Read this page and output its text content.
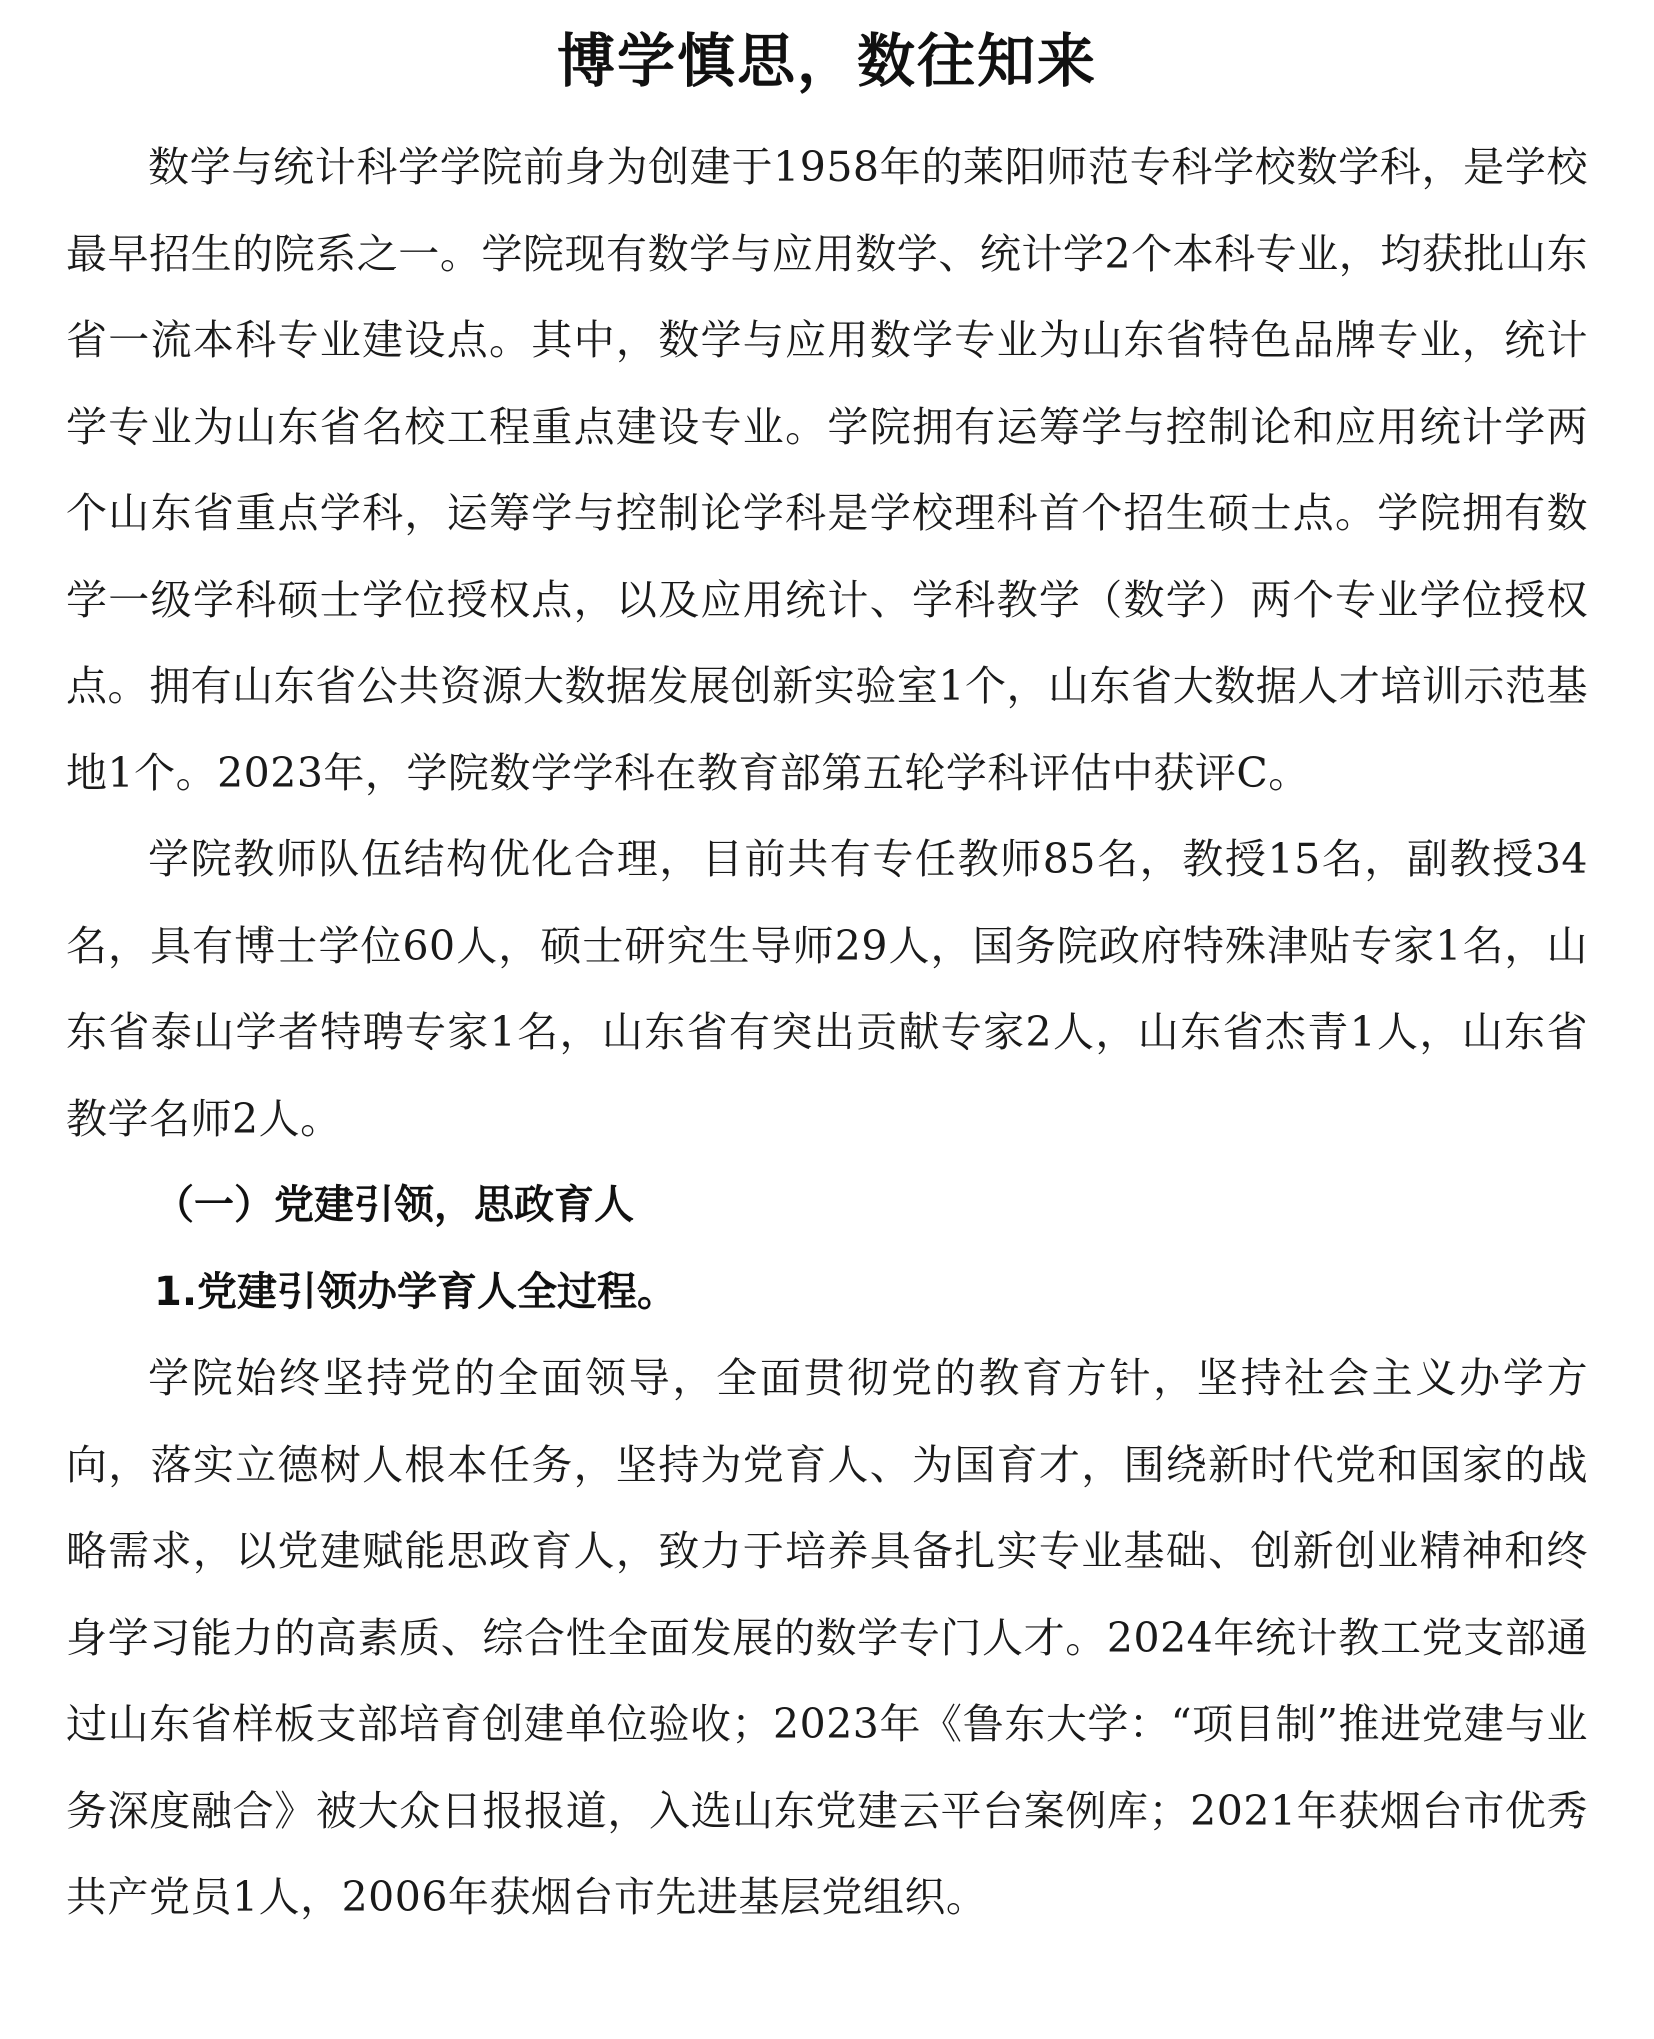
博学慎思，数往知来

数学与统计科学学院前身为创建于1958年的莱阳师范专科学校数学科，是学校最早招生的院系之一。学院现有数学与应用数学、统计学2个本科专业，均获批山东省一流本科专业建设点。其中，数学与应用数学专业为山东省特色品牌专业，统计学专业为山东省名校工程重点建设专业。学院拥有运筹学与控制论和应用统计学两个山东省重点学科，运筹学与控制论学科是学校理科首个招生硕士点。学院拥有数学一级学科硕士学位授权点，以及应用统计、学科教学（数学）两个专业学位授权点。拥有山东省公共资源大数据发展创新实验室1个，山东省大数据人才培训示范基地1个。2023年，学院数学学科在教育部第五轮学科评估中获评C。

学院教师队伍结构优化合理，目前共有专任教师85名，教授15名，副教授34名，具有博士学位60人，硕士研究生导师29人，国务院政府特殊津贴专家1名，山东省泰山学者特聘专家1名，山东省有突出贡献专家2人，山东省杰青1人，山东省教学名师2人。

（一）党建引领，思政育人
1.党建引领办学育人全过程。

学院始终坚持党的全面领导，全面贯彻党的教育方针，坚持社会主义办学方向，落实立德树人根本任务，坚持为党育人、为国育才，围绕新时代党和国家的战略需求，以党建赋能思政育人，致力于培养具备扎实专业基础、创新创业精神和终身学习能力的高素质、综合性全面发展的数学专门人才。2024年统计教工党支部通过山东省样板支部培育创建单位验收；2023年《鲁东大学：“项目制”推进党建与业务深度融合》被大众日报报道，入选山东党建云平台案例库；2021年获烟台市优秀共产党员1人，2006年获烟台市先进基层党组织。
